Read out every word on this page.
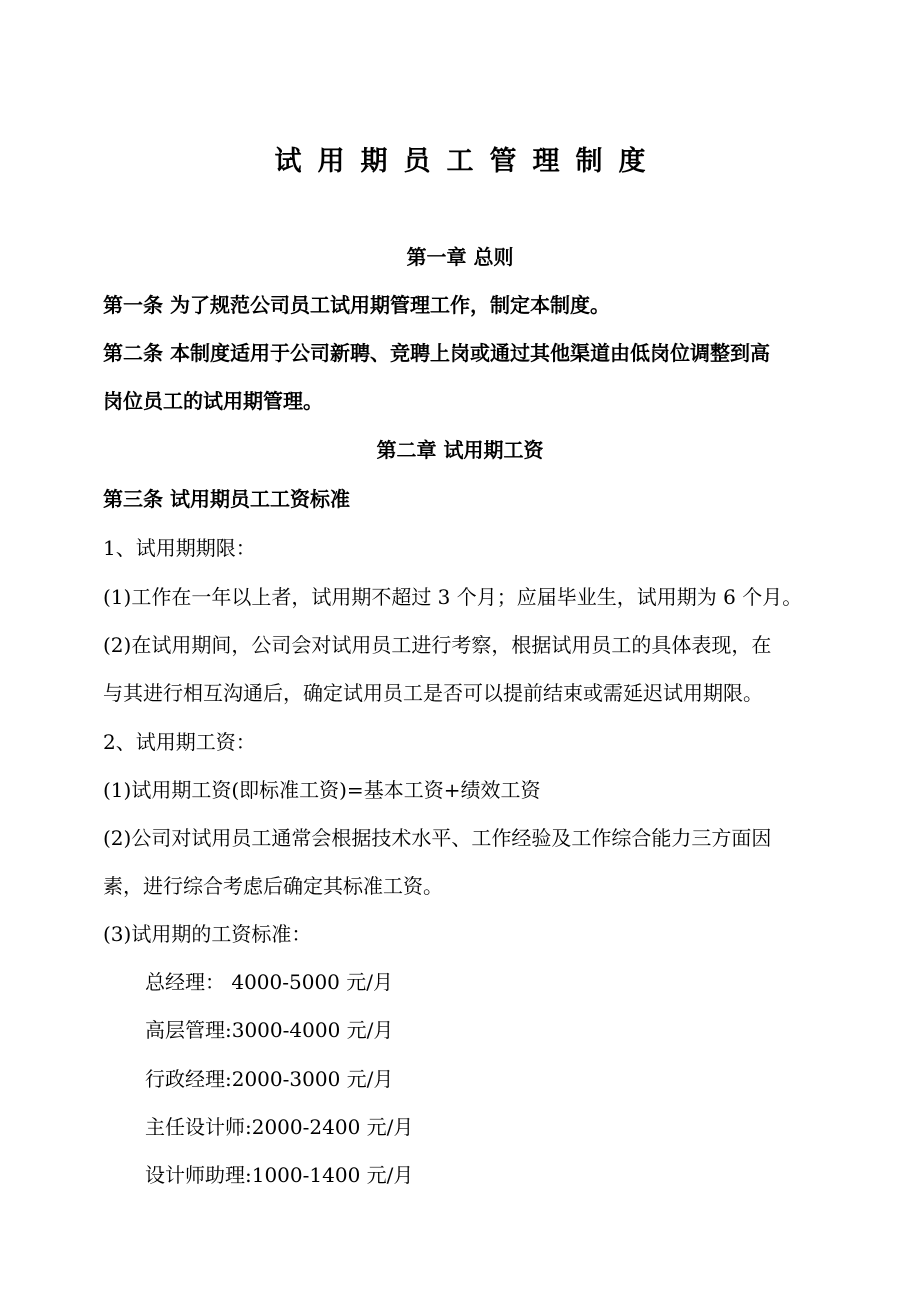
试用期员工管理制度
第一章 总则
第一条 为了规范公司员工试用期管理工作，制定本制度。
第二条 本制度适用于公司新聘、竞聘上岗或通过其他渠道由低岗位调整到高
岗位员工的试用期管理。
第二章 试用期工资
第三条 试用期员工工资标准
1、试用期期限：
(1)工作在一年以上者，试用期不超过 3 个月；应届毕业生，试用期为 6 个月。
(2)在试用期间，公司会对试用员工进行考察，根据试用员工的具体表现，在
与其进行相互沟通后，确定试用员工是否可以提前结束或需延迟试用期限。
2、试用期工资：
(1)试用期工资(即标准工资)=基本工资+绩效工资
(2)公司对试用员工通常会根据技术水平、工作经验及工作综合能力三方面因
素，进行综合考虑后确定其标准工资。
(3)试用期的工资标准：
总经理： 4000-5000 元/月
高层管理:3000-4000 元/月
行政经理:2000-3000 元/月
主任设计师:2000-2400 元/月
设计师助理:1000-1400 元/月
